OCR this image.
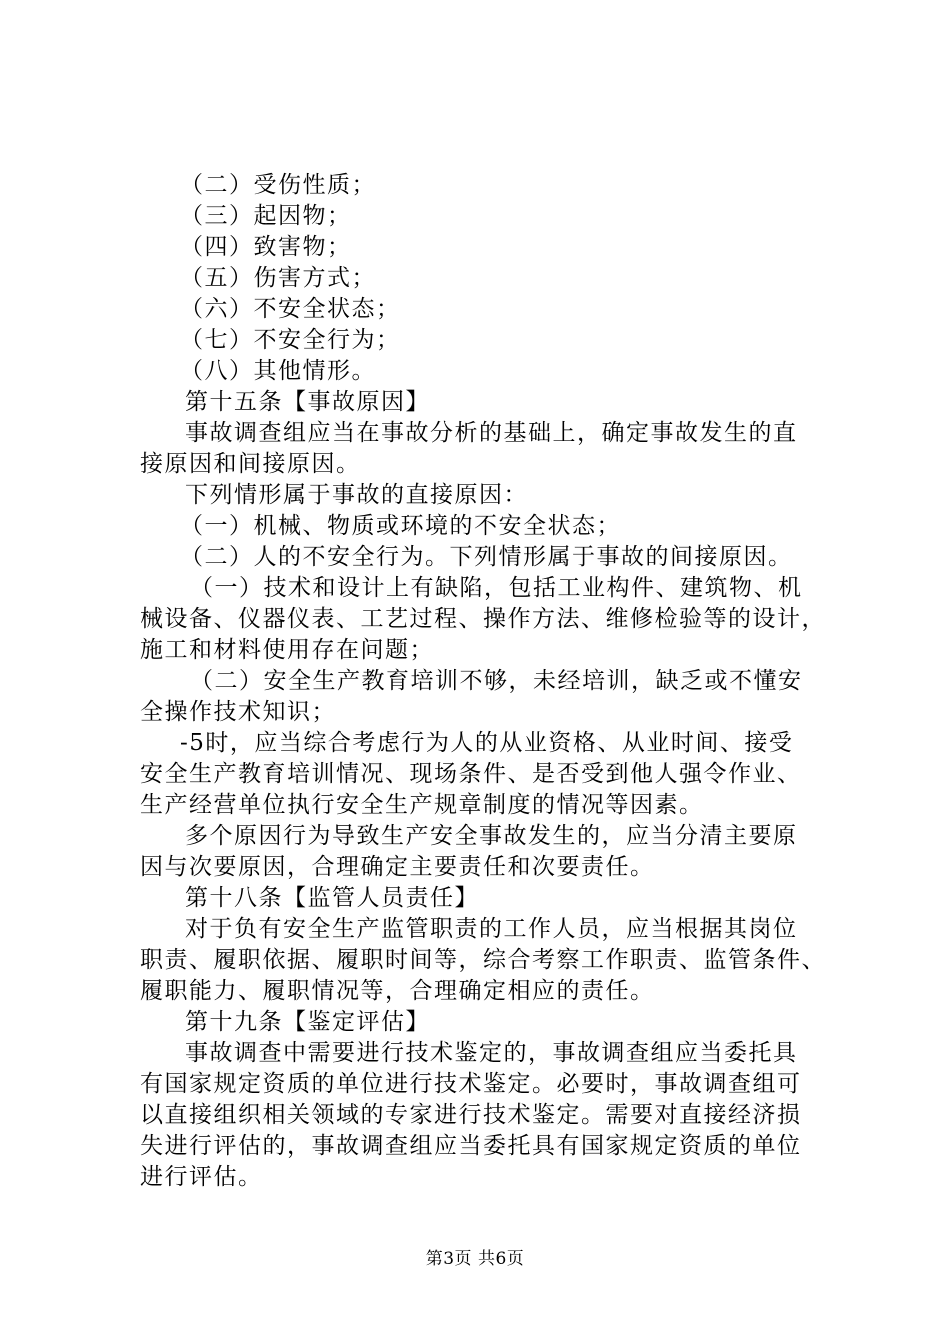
（二）受伤性质；
（三）起因物；
（四）致害物；
（五）伤害方式；
（六）不安全状态；
（七）不安全行为；
（八）其他情形。
第十五条【事故原因】
事故调查组应当在事故分析的基础上，确定事故发生的直
接原因和间接原因。
下列情形属于事故的直接原因：
（一）机械、物质或环境的不安全状态；
（二）人的不安全行为。下列情形属于事故的间接原因。
（一）技术和设计上有缺陷，包括工业构件、建筑物、机
械设备、仪器仪表、工艺过程、操作方法、维修检验等的设计，
施工和材料使用存在问题；
（二）安全生产教育培训不够，未经培训，缺乏或不懂安
全操作技术知识；
-5时，应当综合考虑行为人的从业资格、从业时间、接受
安全生产教育培训情况、现场条件、是否受到他人强令作业、
生产经营单位执行安全生产规章制度的情况等因素。
多个原因行为导致生产安全事故发生的，应当分清主要原
因与次要原因，合理确定主要责任和次要责任。
第十八条【监管人员责任】
对于负有安全生产监管职责的工作人员，应当根据其岗位
职责、履职依据、履职时间等，综合考察工作职责、监管条件、
履职能力、履职情况等，合理确定相应的责任。
第十九条【鉴定评估】
事故调查中需要进行技术鉴定的，事故调查组应当委托具
有国家规定资质的单位进行技术鉴定。必要时，事故调查组可
以直接组织相关领域的专家进行技术鉴定。需要对直接经济损
失进行评估的，事故调查组应当委托具有国家规定资质的单位
进行评估。
第3页 共6页
